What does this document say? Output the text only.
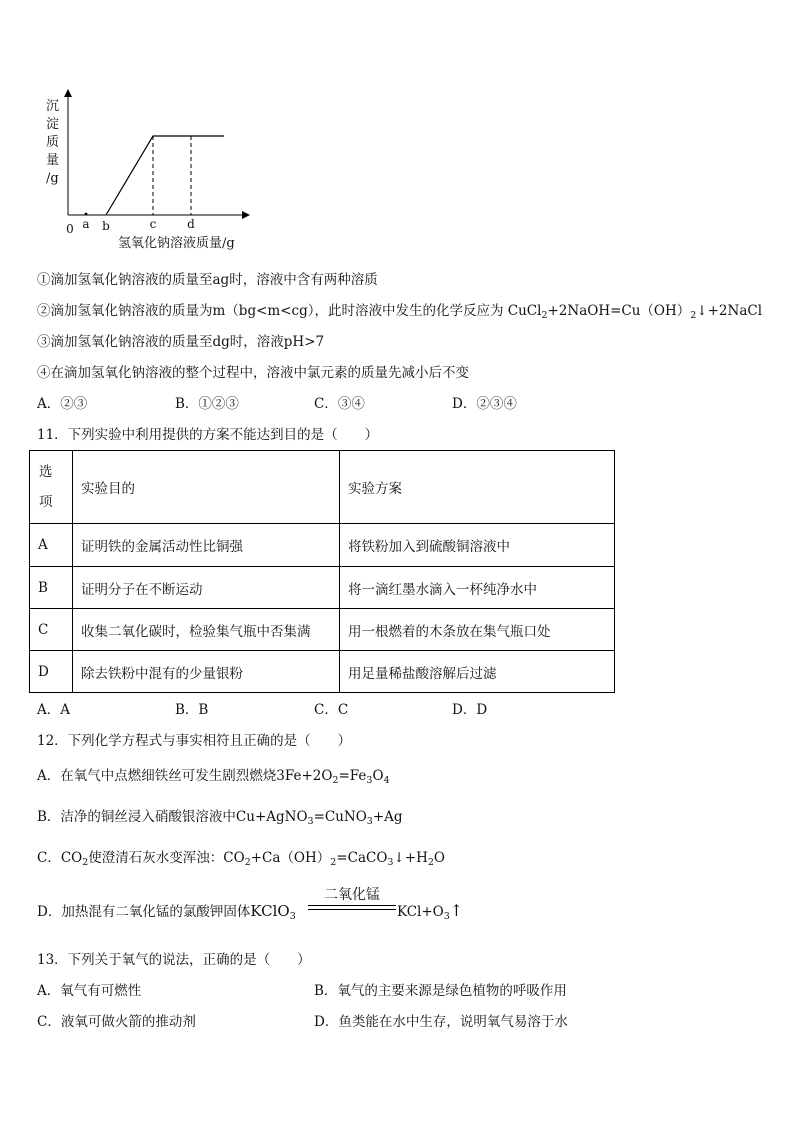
a b	c	d
0
氢氧化钠溶液质量/g
沉
淀
质
量
/g
①滴加氢氧化钠溶液的质量至ag时，溶液中含有两种溶质
②滴加氢氧化钠溶液的质量为m（bg<m<cg），此时溶液中发生的化学反应为 $CuCl_2+2NaOH=Cu(OH)_2↓+2NaCl$
③滴加氢氧化钠溶液的质量至dg时，溶液pH>7
④在滴加氢氧化钠溶液的整个过程中，溶液中氯元素的质量先减小后不变
A．②③	B．①②③	C．③④	D．②③④
11．下列实验中利用提供的方案不能达到目的是（　　）
选项	实验目的	实验方案
A	证明铁的金属活动性比铜强	将铁粉加入到硫酸铜溶液中
B	证明分子在不断运动	将一滴红墨水滴入一杯纯净水中
C	收集二氧化碳时，检验集气瓶中否集满	用一根燃着的木条放在集气瓶口处
D	除去铁粉中混有的少量银粉	用足量稀盐酸溶解后过滤
A．A	B．B	C．C	D．D
12．下列化学方程式与事实相符且正确的是（　　）
A．在氧气中点燃细铁丝可发生剧烈燃烧$3Fe+2O_2=Fe_3O_4$
B．洁净的铜丝浸入硝酸银溶液中Cu+AgNO$_3$=CuNO$_3$+Ag
C．$CO_2$使澄清石灰水变浑浊：$CO_2+Ca(OH)_2=CaCO_3↓+H_2O$
D．加热混有二氧化锰的氯酸钾固体KClO$_3$
二氧化锰
$KCl+O_3↑$
13．下列关于氧气的说法，正确的是（　　）
A．氧气有可燃性	B．氧气的主要来源是绿色植物的呼吸作用
C．液氧可做火箭的推动剂	D．鱼类能在水中生存，说明氧气易溶于水
